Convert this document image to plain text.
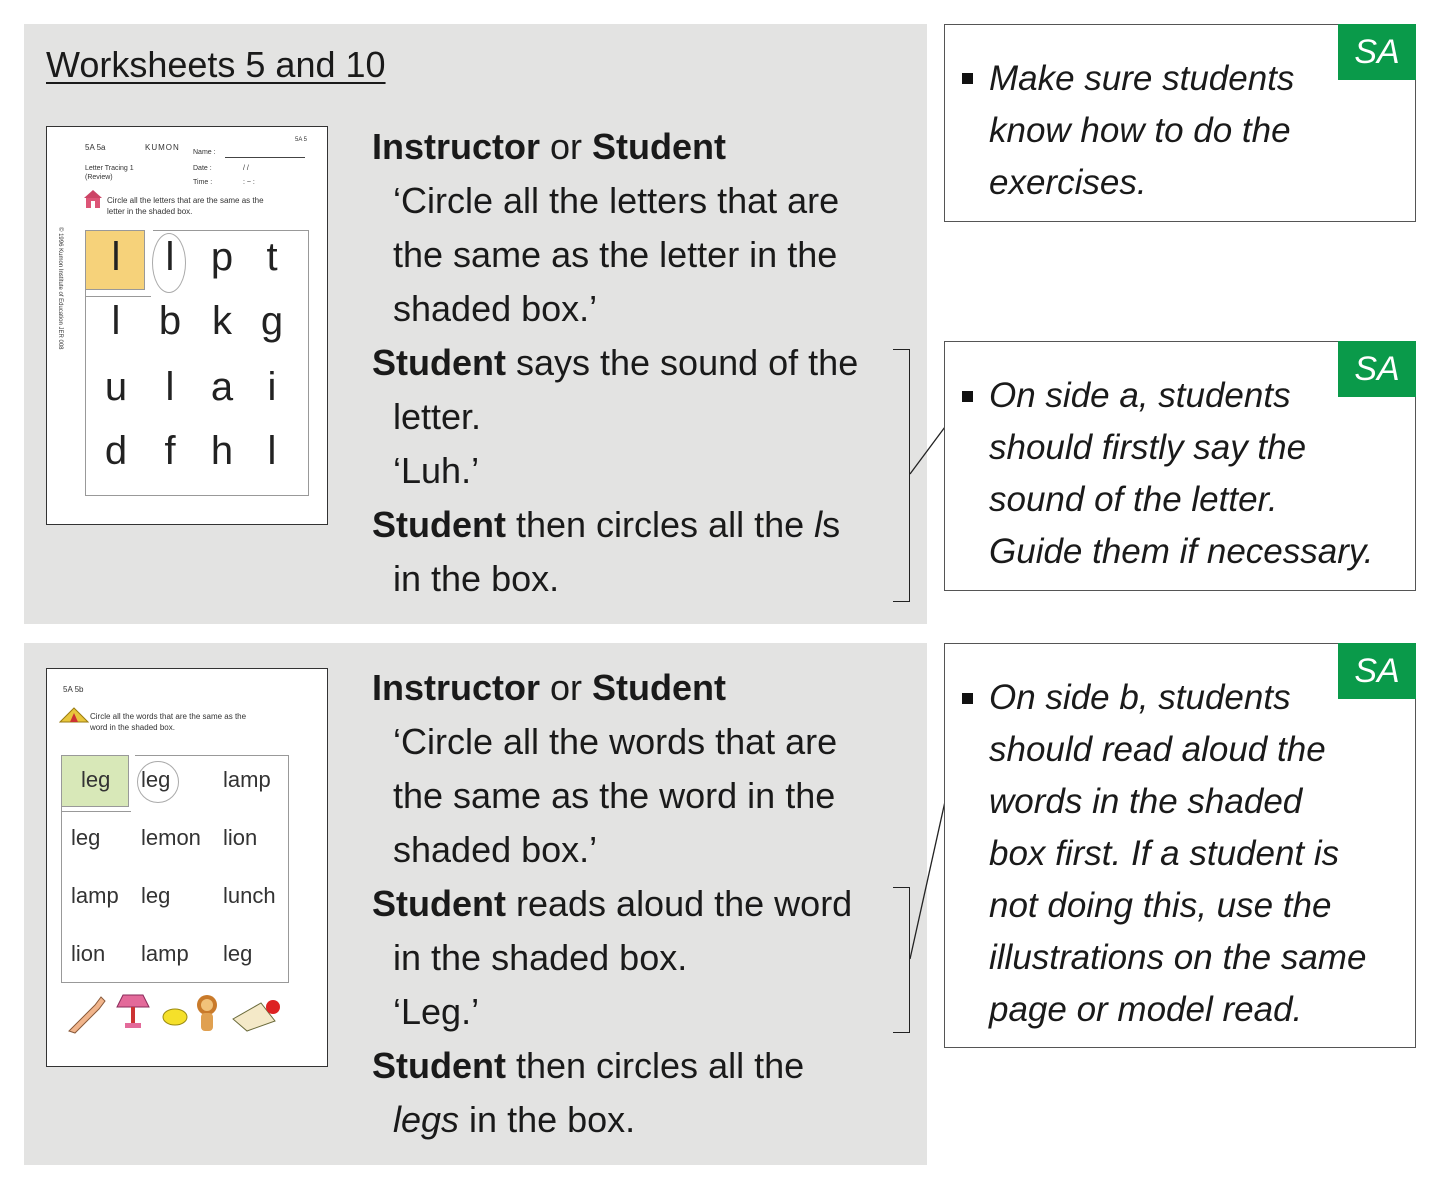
Worksheets 5 and 10
5A 5a	KUMON
5A 5
Name :
Letter Tracing 1
(Review)
Date :	/ /
Time :	: ~ :
Circle all the letters that are the same as the
letter in the shaded box.
© 1996 Kumon Institute of Education JER 008	l	l p t
l b k g
u l a i
d f h l
5A 5b
Circle all the words that are the same as the
word in the shaded box.
leg leg lamp
leg lemon lion
lamp leg lunch
lion lamp leg
Instructor or Student
‘Circle all the letters that are
the same as the letter in the
shaded box.’
Student says the sound of the
letter.
‘Luh.’
Student then circles all the ls
in the box.
Instructor or Student
‘Circle all the words that are
the same as the word in the
shaded box.’
Student reads aloud the word
in the shaded box.
‘Leg.’
Student then circles all the
legs in the box.
SA
Make sure students
know how to do the
exercises.
SA
On side a, students
should firstly say the
sound of the letter.
Guide them if necessary.
SA
On side b, students
should read aloud the
words in the shaded
box first. If a student is
not doing this, use the
illustrations on the same
page or model read.
